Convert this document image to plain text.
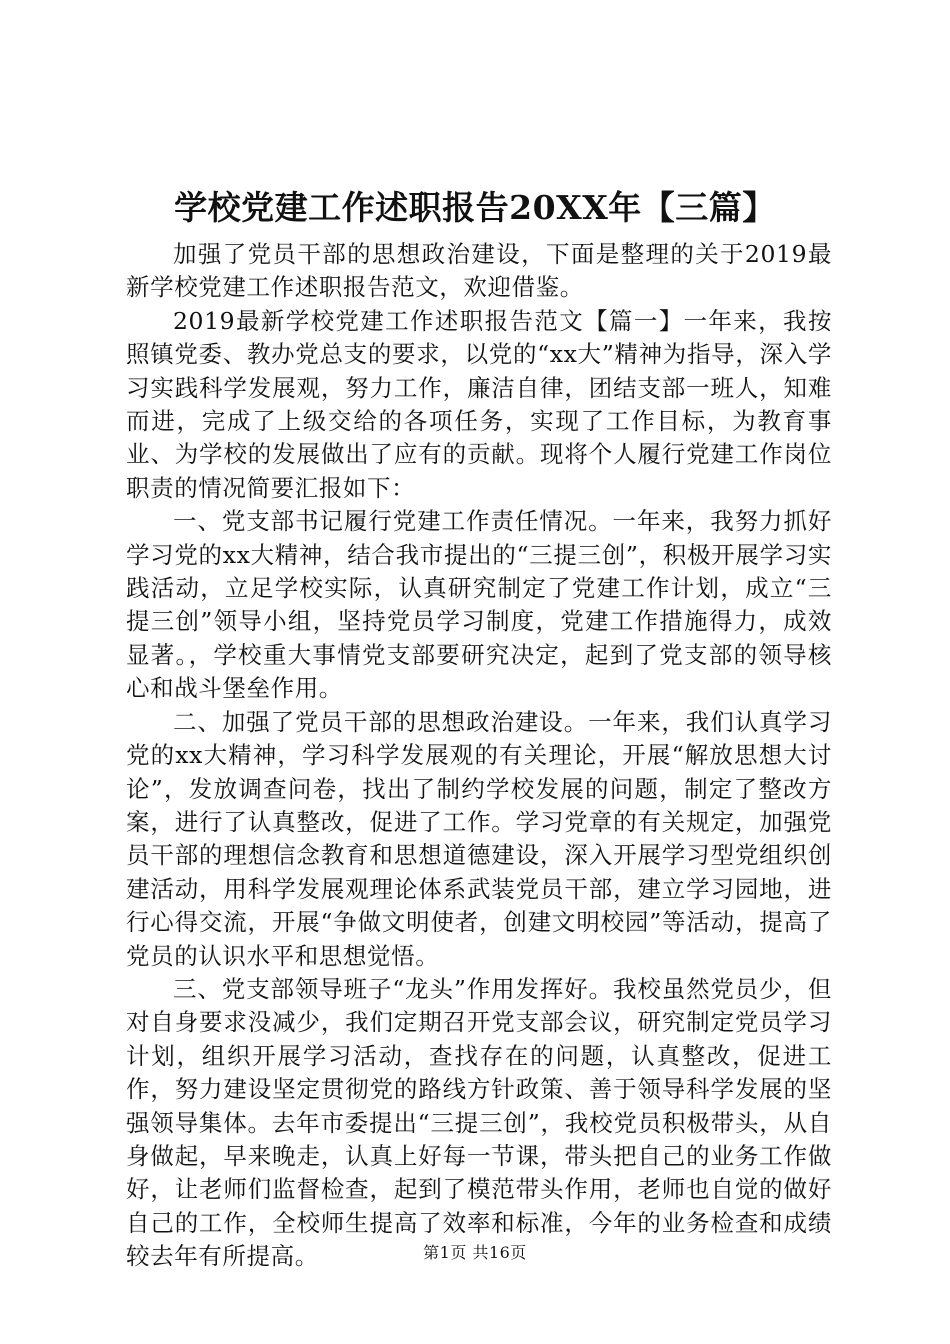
学校党建工作述职报告20XX年【三篇】

加强了党员干部的思想政治建设，下面是整理的关于2019最新学校党建工作述职报告范文，欢迎借鉴。

2019最新学校党建工作述职报告范文【篇一】一年来，我按照镇党委、教办党总支的要求，以党的“xx大”精神为指导，深入学习实践科学发展观，努力工作，廉洁自律，团结支部一班人，知难而进，完成了上级交给的各项任务，实现了工作目标，为教育事业、为学校的发展做出了应有的贡献。现将个人履行党建工作岗位职责的情况简要汇报如下：

一、党支部书记履行党建工作责任情况。一年来，我努力抓好学习党的xx大精神，结合我市提出的“三提三创”，积极开展学习实践活动，立足学校实际，认真研究制定了党建工作计划，成立“三提三创”领导小组，坚持党员学习制度，党建工作措施得力，成效显著。，学校重大事情党支部要研究决定，起到了党支部的领导核心和战斗堡垒作用。

二、加强了党员干部的思想政治建设。一年来，我们认真学习党的xx大精神，学习科学发展观的有关理论，开展“解放思想大讨论”，发放调查问卷，找出了制约学校发展的问题，制定了整改方案，进行了认真整改，促进了工作。学习党章的有关规定，加强党员干部的理想信念教育和思想道德建设，深入开展学习型党组织创建活动，用科学发展观理论体系武装党员干部，建立学习园地，进行心得交流，开展“争做文明使者，创建文明校园”等活动，提高了党员的认识水平和思想觉悟。

三、党支部领导班子“龙头”作用发挥好。我校虽然党员少，但对自身要求没减少，我们定期召开党支部会议，研究制定党员学习计划，组织开展学习活动，查找存在的问题，认真整改，促进工作，努力建设坚定贯彻党的路线方针政策、善于领导科学发展的坚强领导集体。去年市委提出“三提三创”，我校党员积极带头，从自身做起，早来晚走，认真上好每一节课，带头把自己的业务工作做好，让老师们监督检查，起到了模范带头作用，老师也自觉的做好自己的工作，全校师生提高了效率和标准，今年的业务检查和成绩较去年有所提高。	第1页 共16页
